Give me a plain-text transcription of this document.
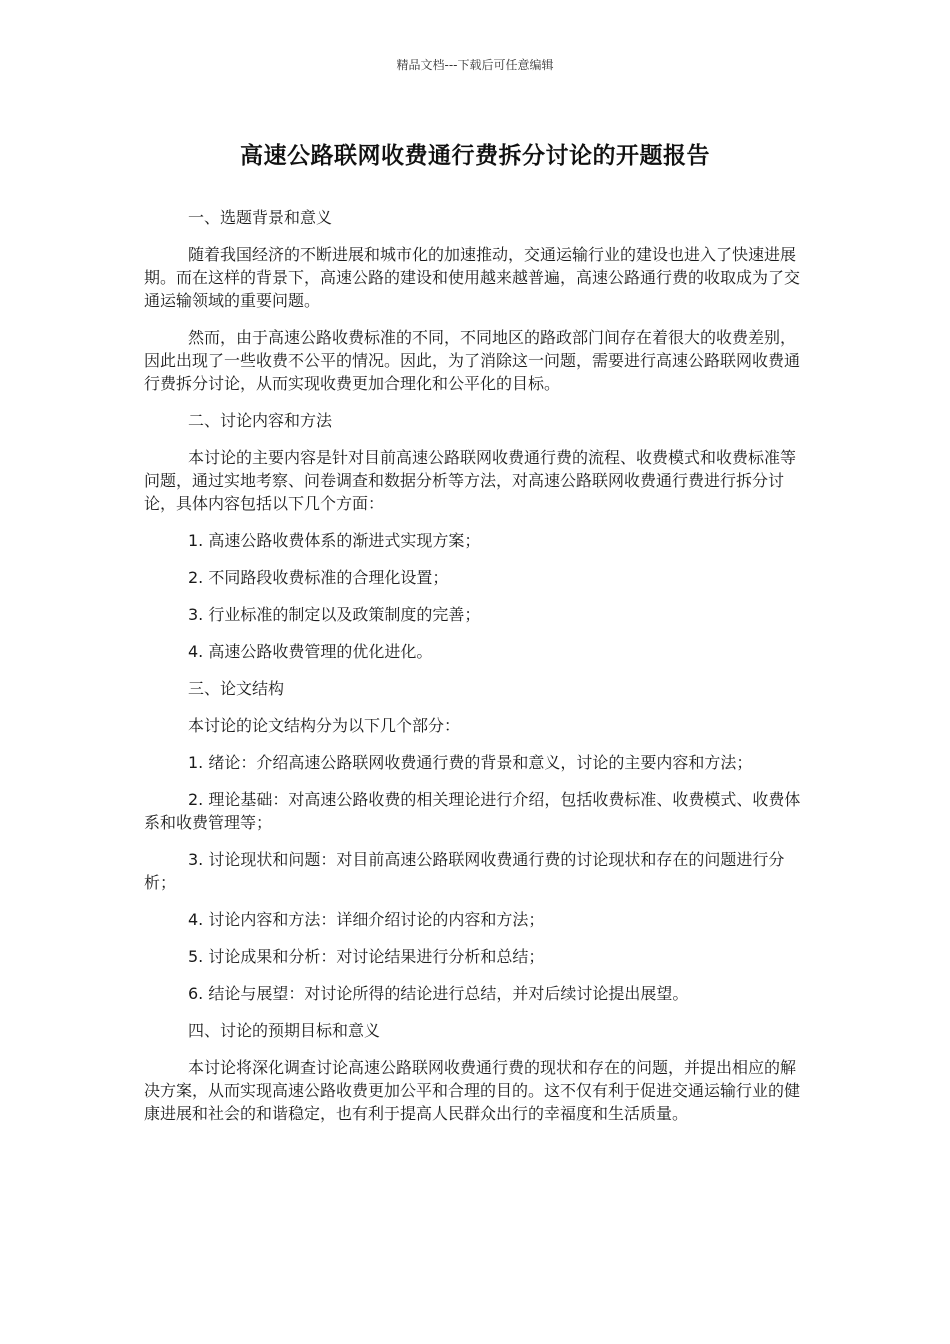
精品文档---下载后可任意编辑
高速公路联网收费通行费拆分讨论的开题报告

一、选题背景和意义

随着我国经济的不断进展和城市化的加速推动，交通运输行业的建设也进入了快速进展期。而在这样的背景下，高速公路的建设和使用越来越普遍，高速公路通行费的收取成为了交通运输领域的重要问题。

然而，由于高速公路收费标准的不同，不同地区的路政部门间存在着很大的收费差别，因此出现了一些收费不公平的情况。因此，为了消除这一问题，需要进行高速公路联网收费通行费拆分讨论，从而实现收费更加合理化和公平化的目标。

二、讨论内容和方法

本讨论的主要内容是针对目前高速公路联网收费通行费的流程、收费模式和收费标准等问题，通过实地考察、问卷调查和数据分析等方法，对高速公路联网收费通行费进行拆分讨论，具体内容包括以下几个方面：

1. 高速公路收费体系的渐进式实现方案；

2. 不同路段收费标准的合理化设置；

3. 行业标准的制定以及政策制度的完善；

4. 高速公路收费管理的优化进化。

三、论文结构

本讨论的论文结构分为以下几个部分：

1. 绪论：介绍高速公路联网收费通行费的背景和意义，讨论的主要内容和方法；

2. 理论基础：对高速公路收费的相关理论进行介绍，包括收费标准、收费模式、收费体系和收费管理等；

3. 讨论现状和问题：对目前高速公路联网收费通行费的讨论现状和存在的问题进行分析；

4. 讨论内容和方法：详细介绍讨论的内容和方法；

5. 讨论成果和分析：对讨论结果进行分析和总结；

6. 结论与展望：对讨论所得的结论进行总结，并对后续讨论提出展望。

四、讨论的预期目标和意义

本讨论将深化调查讨论高速公路联网收费通行费的现状和存在的问题，并提出相应的解决方案，从而实现高速公路收费更加公平和合理的目的。这不仅有利于促进交通运输行业的健康进展和社会的和谐稳定，也有利于提高人民群众出行的幸福度和生活质量。
